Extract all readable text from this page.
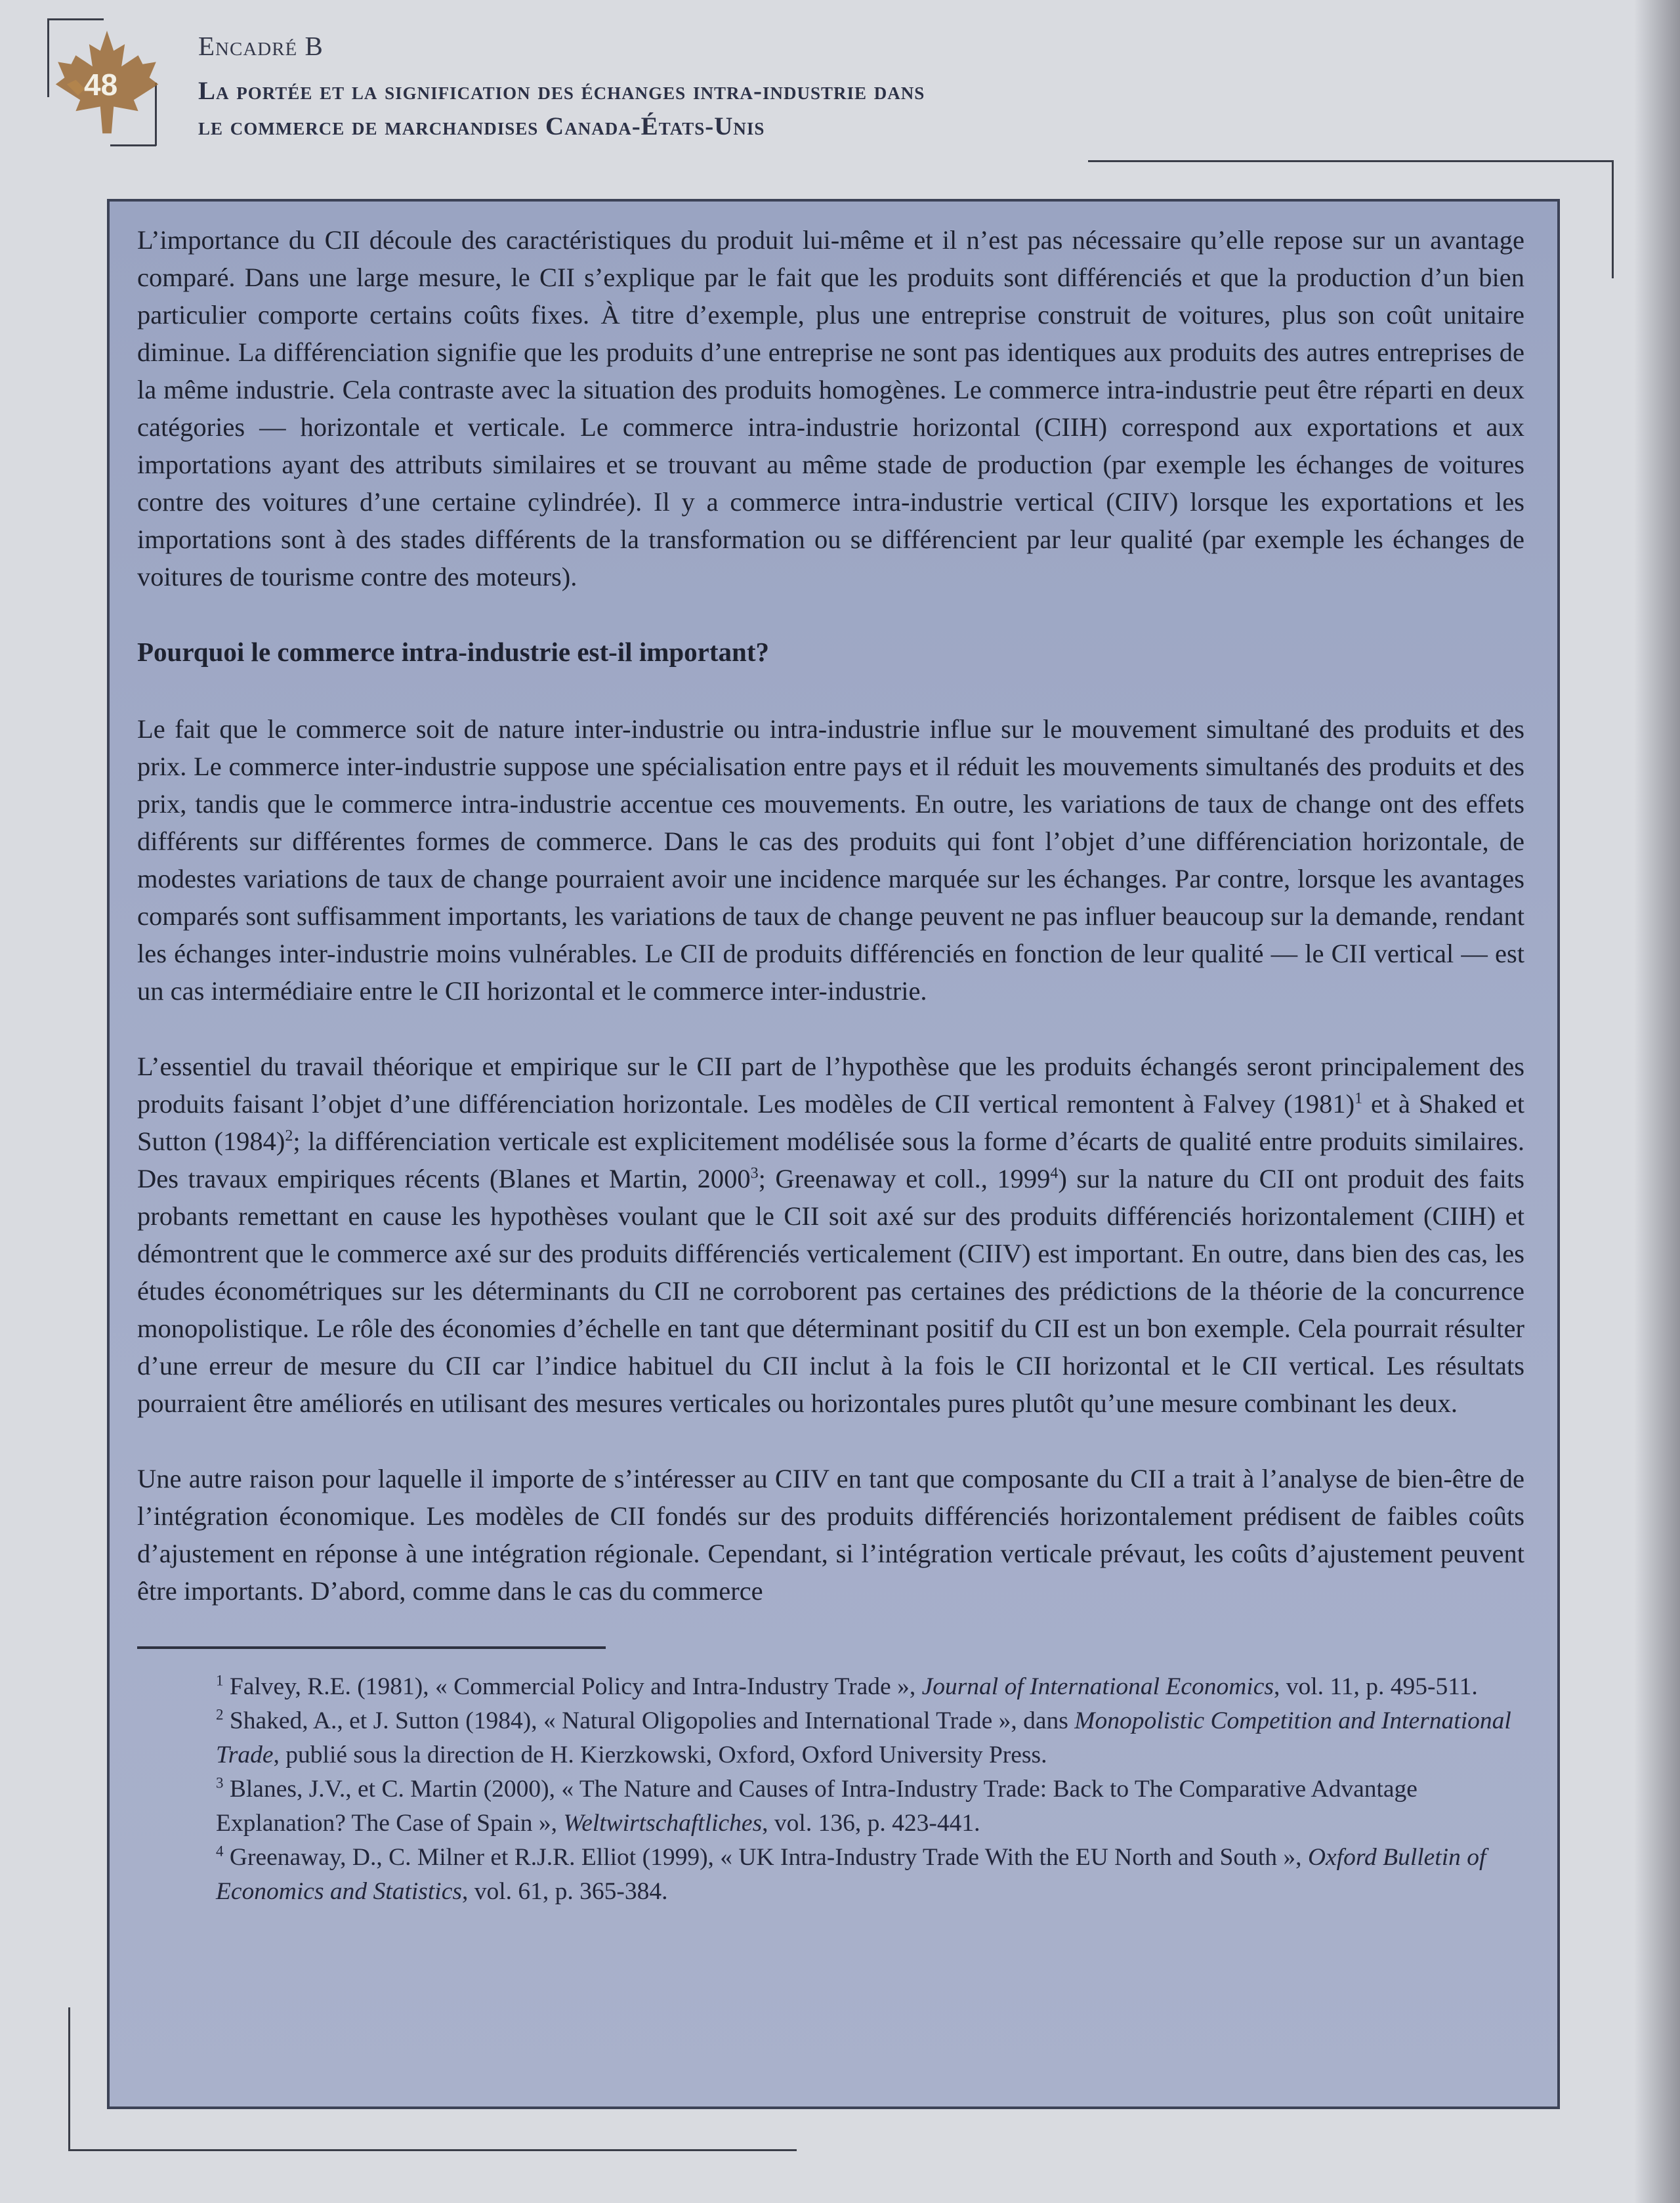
48
Encadré B
La portée et la signification des échanges intra-industrie dans
le commerce de marchandises Canada-États-Unis

L’importance du CII découle des caractéristiques du produit lui-même et il n’est pas nécessaire qu’elle repose sur un avantage comparé. Dans une large mesure, le CII s’explique par le fait que les produits sont différenciés et que la production d’un bien particulier comporte certains coûts fixes. À titre d’exemple, plus une entreprise construit de voitures, plus son coût unitaire diminue. La différenciation signifie que les produits d’une entreprise ne sont pas identiques aux produits des autres entreprises de la même industrie. Cela contraste avec la situation des produits homogènes. Le commerce intra-industrie peut être réparti en deux catégories — horizontale et verticale. Le commerce intra-industrie horizontal (CIIH) correspond aux exportations et aux importations ayant des attributs similaires et se trouvant au même stade de production (par exemple les échanges de voitures contre des voitures d’une certaine cylindrée). Il y a commerce intra-industrie vertical (CIIV) lorsque les exportations et les importations sont à des stades différents de la transformation ou se différencient par leur qualité (par exemple les échanges de voitures de tourisme contre des moteurs).

Pourquoi le commerce intra-industrie est-il important?

Le fait que le commerce soit de nature inter-industrie ou intra-industrie influe sur le mouvement simultané des produits et des prix. Le commerce inter-industrie suppose une spécialisation entre pays et il réduit les mouvements simultanés des produits et des prix, tandis que le commerce intra-industrie accentue ces mouvements. En outre, les variations de taux de change ont des effets différents sur différentes formes de commerce. Dans le cas des produits qui font l’objet d’une différenciation horizontale, de modestes variations de taux de change pourraient avoir une incidence marquée sur les échanges. Par contre, lorsque les avantages comparés sont suffisamment importants, les variations de taux de change peuvent ne pas influer beaucoup sur la demande, rendant les échanges inter-industrie moins vulnérables. Le CII de produits différenciés en fonction de leur qualité — le CII vertical — est un cas intermédiaire entre le CII horizontal et le commerce inter-industrie.

L’essentiel du travail théorique et empirique sur le CII part de l’hypothèse que les produits échangés seront principalement des produits faisant l’objet d’une différenciation horizontale. Les modèles de CII vertical remontent à Falvey $(1981)^1$ et à Shaked et Sutton $(1984)^2$; la différenciation verticale est explicitement modélisée sous la forme d’écarts de qualité entre produits similaires. Des travaux empiriques récents (Blanes et Martin, 2000$^3$; Greenaway et coll., 1999$^4$) sur la nature du CII ont produit des faits probants remettant en cause les hypothèses voulant que le CII soit axé sur des produits différenciés horizontalement (CIIH) et démontrent que le commerce axé sur des produits différenciés verticalement (CIIV) est important. En outre, dans bien des cas, les études économétriques sur les déterminants du CII ne corroborent pas certaines des prédictions de la théorie de la concurrence monopolistique. Le rôle des économies d’échelle en tant que déterminant positif du CII est un bon exemple. Cela pourrait résulter d’une erreur de mesure du CII car l’indice habituel du CII inclut à la fois le CII horizontal et le CII vertical. Les résultats pourraient être améliorés en utilisant des mesures verticales ou horizontales pures plutôt qu’une mesure combinant les deux.

Une autre raison pour laquelle il importe de s’intéresser au CIIV en tant que composante du CII a trait à l’analyse de bien-être de l’intégration économique. Les modèles de CII fondés sur des produits différenciés horizontalement prédisent de faibles coûts d’ajustement en réponse à une intégration régionale. Cependant, si l’intégration verticale prévaut, les coûts d’ajustement peuvent être importants. D’abord, comme dans le cas du commerce

$^1$ Falvey, R.E. (1981), « Commercial Policy and Intra-Industry Trade », Journal of International Economics, vol. 11, p. 495-511.

$^2$ Shaked, A., et J. Sutton (1984), « Natural Oligopolies and International Trade », dans Monopolistic Competition and International Trade, publié sous la direction de H. Kierzkowski, Oxford, Oxford University Press.

$^3$ Blanes, J.V., et C. Martin (2000), « The Nature and Causes of Intra-Industry Trade: Back to The Comparative Advantage Explanation? The Case of Spain », Weltwirtschaftliches, vol. 136, p. 423-441.

$^4$ Greenaway, D., C. Milner et R.J.R. Elliot (1999), « UK Intra-Industry Trade With the EU North and South », Oxford Bulletin of Economics and Statistics, vol. 61, p. 365-384.
